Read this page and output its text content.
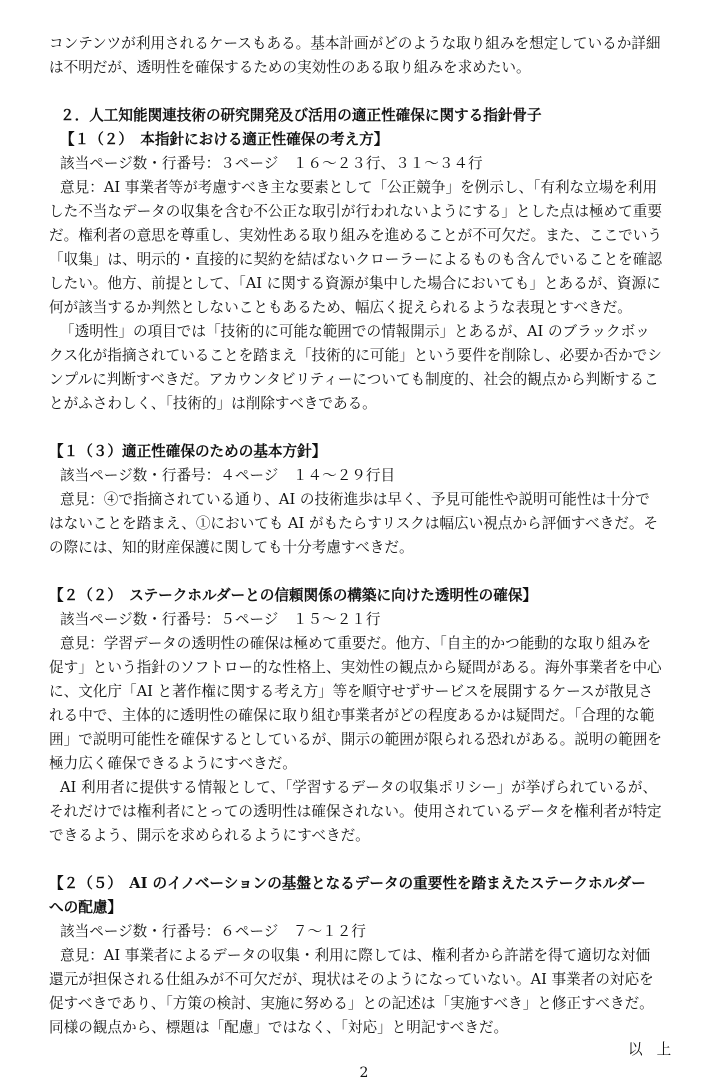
コンテンツが利用されるケースもある。基本計画がどのような取り組みを想定しているか詳細
は不明だが、透明性を確保するための実効性のある取り組みを求めたい。
２．人工知能関連技術の研究開発及び活用の適正性確保に関する指針骨子
【１（２）　本指針における適正性確保の考え方】
該当ページ数・行番号：３ページ　１６～２３行、３１～３４行
意見：AI 事業者等が考慮すべき主な要素として「公正競争」を例示し、「有利な立場を利用
した不当なデータの収集を含む不公正な取引が行われないようにする」とした点は極めて重要
だ。権利者の意思を尊重し、実効性ある取り組みを進めることが不可欠だ。また、ここでいう
「収集」は、明示的・直接的に契約を結ばないクローラーによるものも含んでいることを確認
したい。他方、前提として、「AI に関する資源が集中した場合においても」とあるが、資源に
何が該当するか判然としないこともあるため、幅広く捉えられるような表現とすべきだ。
「透明性」の項目では「技術的に可能な範囲での情報開示」とあるが、AI のブラックボッ
クス化が指摘されていることを踏まえ「技術的に可能」という要件を削除し、必要か否かでシ
ンプルに判断すべきだ。アカウンタビリティーについても制度的、社会的観点から判断するこ
とがふさわしく、「技術的」は削除すべきである。
【１（３）適正性確保のための基本方針】
該当ページ数・行番号：４ページ　１４～２９行目
意見：④で指摘されている通り、AI の技術進歩は早く、予見可能性や説明可能性は十分で
はないことを踏まえ、①においても AI がもたらすリスクは幅広い視点から評価すべきだ。そ
の際には、知的財産保護に関しても十分考慮すべきだ。
【２（２）　ステークホルダーとの信頼関係の構築に向けた透明性の確保】
該当ページ数・行番号：５ページ　１５～２１行
意見：学習データの透明性の確保は極めて重要だ。他方、「自主的かつ能動的な取り組みを
促す」という指針のソフトロー的な性格上、実効性の観点から疑問がある。海外事業者を中心
に、文化庁「AI と著作権に関する考え方」等を順守せずサービスを展開するケースが散見さ
れる中で、主体的に透明性の確保に取り組む事業者がどの程度あるかは疑問だ。「合理的な範
囲」で説明可能性を確保するとしているが、開示の範囲が限られる恐れがある。説明の範囲を
極力広く確保できるようにすべきだ。
AI 利用者に提供する情報として、「学習するデータの収集ポリシー」が挙げられているが、
それだけでは権利者にとっての透明性は確保されない。使用されているデータを権利者が特定
できるよう、開示を求められるようにすべきだ。
【２（５）　AI のイノベーションの基盤となるデータの重要性を踏まえたステークホルダー
への配慮】
該当ページ数・行番号：６ページ　７～１２行
意見：AI 事業者によるデータの収集・利用に際しては、権利者から許諾を得て適切な対価
還元が担保される仕組みが不可欠だが、現状はそのようになっていない。AI 事業者の対応を
促すべきであり、「方策の検討、実施に努める」との記述は「実施すべき」と修正すべきだ。
同様の観点から、標題は「配慮」ではなく、「対応」と明記すべきだ。
以上
2
